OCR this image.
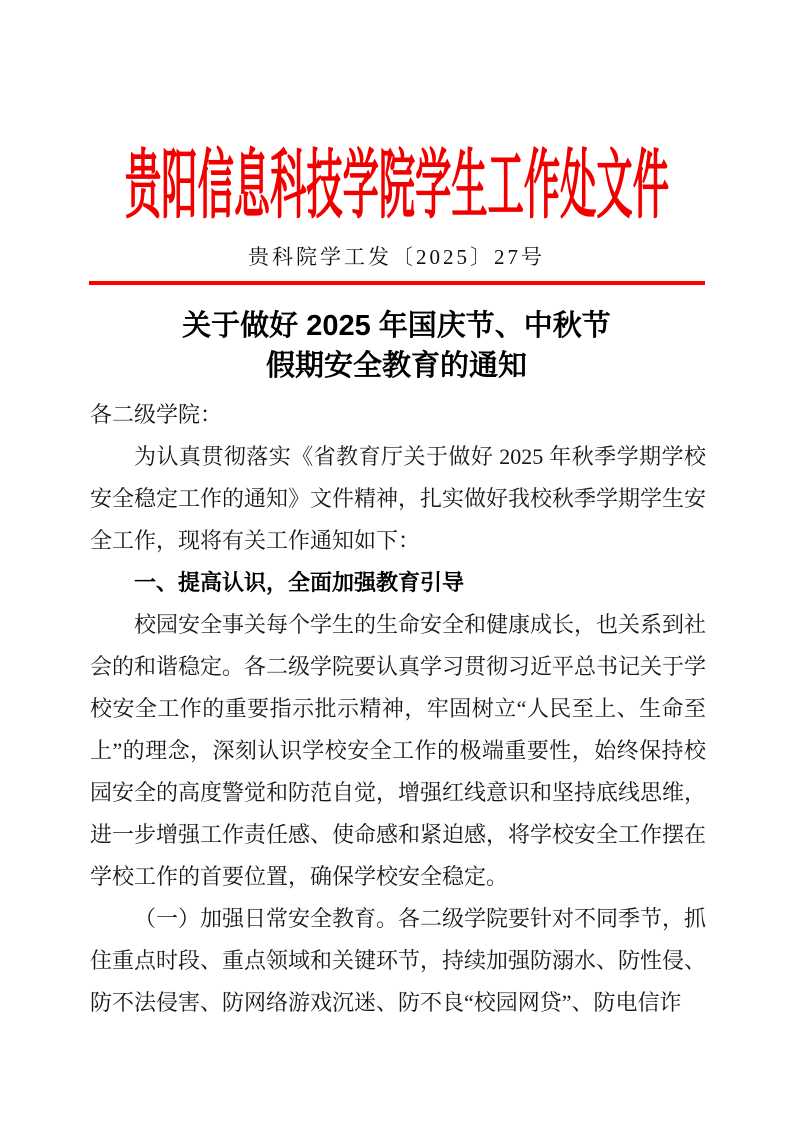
贵阳信息科技学院学生工作处文件
贵科院学工发〔2025〕27号
关于做好 2025 年国庆节、中秋节
假期安全教育的通知
各二级学院：
为认真贯彻落实《省教育厅关于做好 2025 年秋季学期学校安全稳定工作的通知》文件精神，扎实做好我校秋季学期学生安全工作，现将有关工作通知如下：
一、提高认识，全面加强教育引导
校园安全事关每个学生的生命安全和健康成长，也关系到社会的和谐稳定。各二级学院要认真学习贯彻习近平总书记关于学校安全工作的重要指示批示精神，牢固树立“人民至上、生命至上”的理念，深刻认识学校安全工作的极端重要性，始终保持校园安全的高度警觉和防范自觉，增强红线意识和坚持底线思维，进一步增强工作责任感、使命感和紧迫感，将学校安全工作摆在学校工作的首要位置，确保学校安全稳定。
（一）加强日常安全教育。各二级学院要针对不同季节，抓住重点时段、重点领域和关键环节，持续加强防溺水、防性侵、防不法侵害、防网络游戏沉迷、防不良“校园网贷”、防电信诈
